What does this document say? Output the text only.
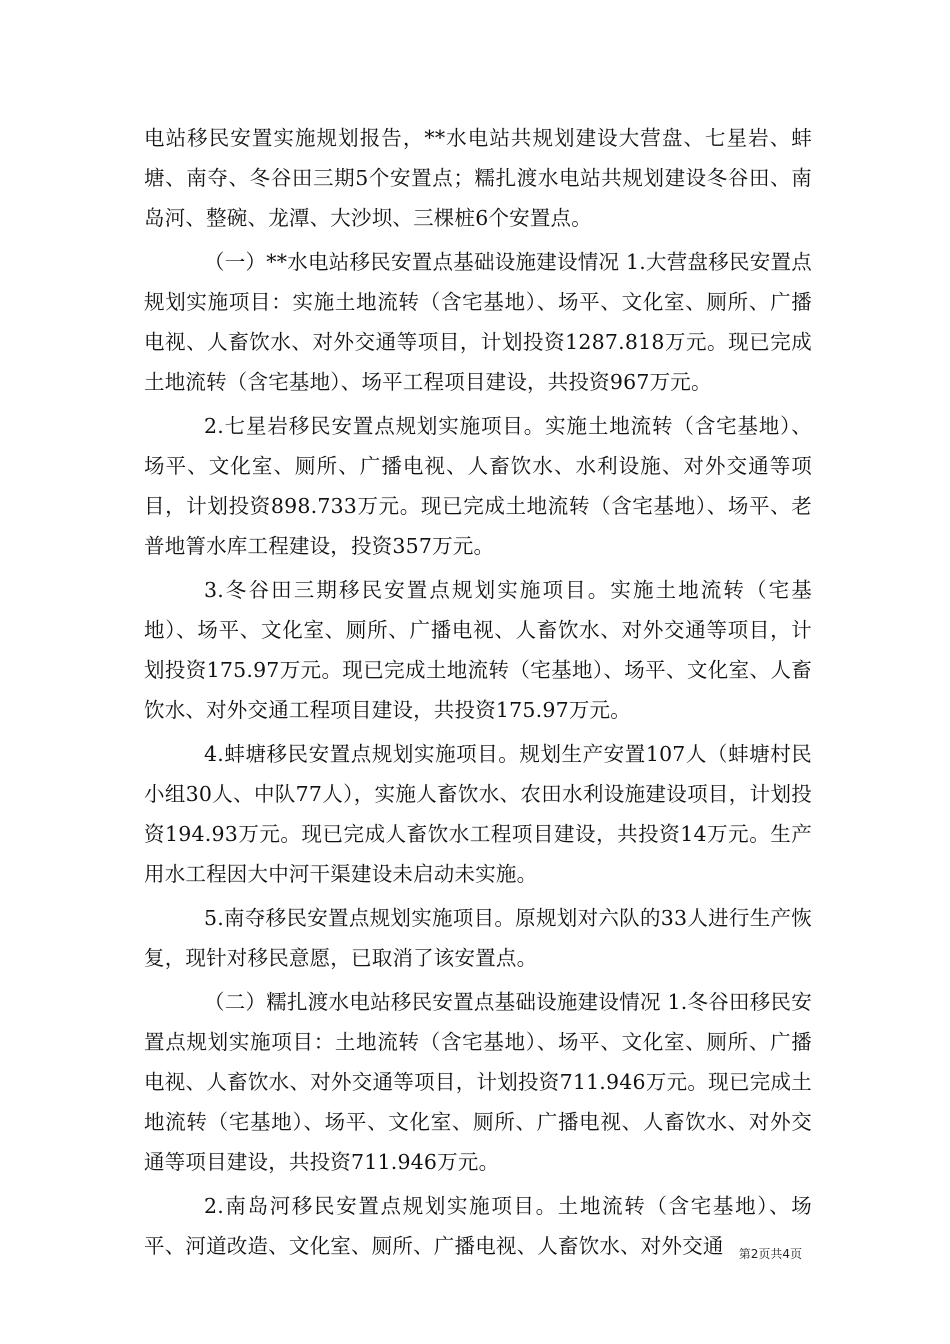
电站移民安置实施规划报告，**水电站共规划建设大营盘、七星岩、蚌塘、南夺、冬谷田三期5个安置点；糯扎渡水电站共规划建设冬谷田、南岛河、整碗、龙潭、大沙坝、三棵桩6个安置点。

（一）**水电站移民安置点基础设施建设情况 1.大营盘移民安置点规划实施项目：实施土地流转（含宅基地）、场平、文化室、厕所、广播电视、人畜饮水、对外交通等项目，计划投资1287.818万元。现已完成土地流转（含宅基地）、场平工程项目建设，共投资967万元。

2.七星岩移民安置点规划实施项目。实施土地流转（含宅基地）、场平、文化室、厕所、广播电视、人畜饮水、水利设施、对外交通等项目，计划投资898.733万元。现已完成土地流转（含宅基地）、场平、老普地箐水库工程建设，投资357万元。

3.冬谷田三期移民安置点规划实施项目。实施土地流转（宅基地）、场平、文化室、厕所、广播电视、人畜饮水、对外交通等项目，计划投资175.97万元。现已完成土地流转（宅基地）、场平、文化室、人畜饮水、对外交通工程项目建设，共投资175.97万元。

4.蚌塘移民安置点规划实施项目。规划生产安置107人（蚌塘村民小组30人、中队77人），实施人畜饮水、农田水利设施建设项目，计划投资194.93万元。现已完成人畜饮水工程项目建设，共投资14万元。生产用水工程因大中河干渠建设未启动未实施。

5.南夺移民安置点规划实施项目。原规划对六队的33人进行生产恢复，现针对移民意愿，已取消了该安置点。

（二）糯扎渡水电站移民安置点基础设施建设情况 1.冬谷田移民安置点规划实施项目：土地流转（含宅基地）、场平、文化室、厕所、广播电视、人畜饮水、对外交通等项目，计划投资711.946万元。现已完成土地流转（宅基地）、场平、文化室、厕所、广播电视、人畜饮水、对外交通等项目建设，共投资711.946万元。

2.南岛河移民安置点规划实施项目。土地流转（含宅基地）、场平、河道改造、文化室、厕所、广播电视、人畜饮水、对外交通	第2页共4页
